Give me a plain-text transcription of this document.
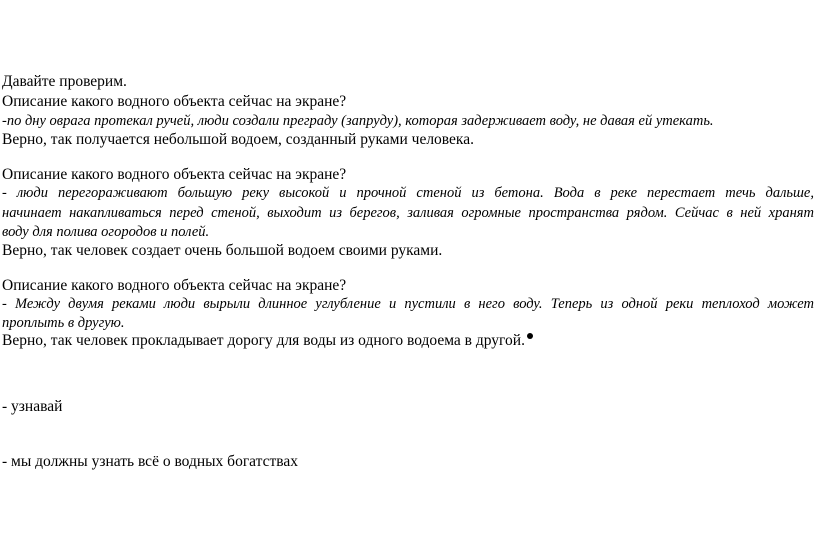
Давайте проверим.
Описание какого водного объекта сейчас на экране?
-по дну оврага протекал ручей, люди создали преграду (запруду), которая задерживает воду, не давая ей утекать.
Верно, так получается небольшой водоем, созданный руками человека.
Описание какого водного объекта сейчас на экране?
- люди перегораживают большую реку высокой и прочной стеной из бетона. Вода в реке перестает течь дальше,
начинает накапливаться перед стеной, выходит из берегов, заливая огромные пространства рядом. Сейчас в ней хранят
воду для полива огородов и полей.
Верно, так человек создает очень большой водоем своими руками.
Описание какого водного объекта сейчас на экране?
- Между двумя реками люди вырыли длинное углубление и пустили в него воду. Теперь из одной реки теплоход может
проплыть в другую.
Верно, так человек прокладывает дорогу для воды из одного водоема в другой.
- узнавай
- мы должны узнать всё о водных богатствах
